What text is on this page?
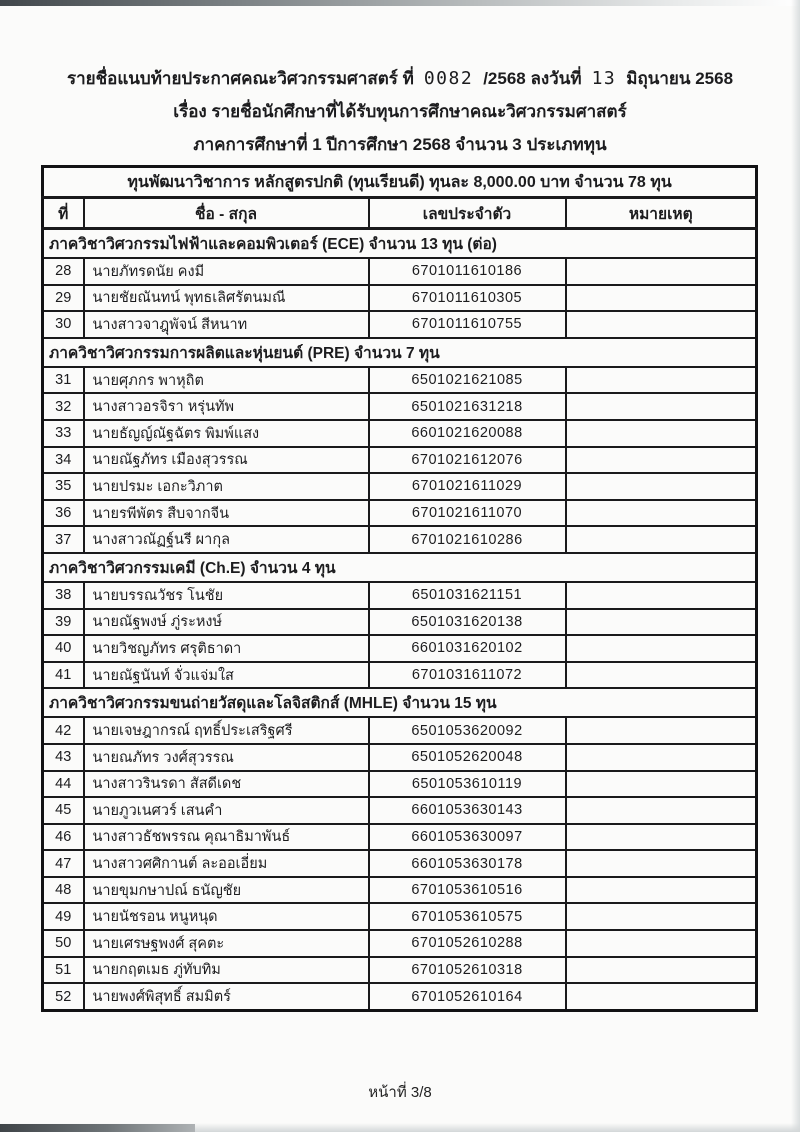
รายชื่อแนบท้ายประกาศคณะวิศวกรรมศาสตร์ ที่ 0082 /2568 ลงวันที่ 13 มิถุนายน 2568
เรื่อง รายชื่อนักศึกษาที่ได้รับทุนการศึกษาคณะวิศวกรรมศาสตร์
ภาคการศึกษาที่ 1 ปีการศึกษา 2568 จำนวน 3 ประเภททุน
ทุนพัฒนาวิชาการ หลักสูตรปกติ (ทุนเรียนดี) ทุนละ 8,000.00 บาท จำนวน 78 ทุน			
ที่	ชื่อ - สกุล	เลขประจำตัว	หมายเหตุ
ภาควิชาวิศวกรรมไฟฟ้าและคอมพิวเตอร์ (ECE) จำนวน 13 ทุน (ต่อ)			
28	นายภัทรดนัย คงมี	6701011610186	
29	นายชัยณันทน์ พุทธเลิศรัตนมณี	6701011610305	
30	นางสาวจาฎุพัจน์ สีหนาท	6701011610755	
ภาควิชาวิศวกรรมการผลิตและหุ่นยนต์ (PRE) จำนวน 7 ทุน			
31	นายศุภกร พาหุถิต	6501021621085	
32	นางสาวอรจิรา หรุ่นทัพ	6501021631218	
33	นายธัญญ์ณัฐฉัตร พิมพ์แสง	6601021620088	
34	นายณัฐภัทร เมืองสุวรรณ	6701021612076	
35	นายปรมะ เอกะวิภาต	6701021611029	
36	นายรพีพัตร สืบจากจีน	6701021611070	
37	นางสาวณัฏฐ์นรี ผากุล	6701021610286	
ภาควิชาวิศวกรรมเคมี (Ch.E) จำนวน 4 ทุน			
38	นายบรรณวัชร โนชัย	6501031621151	
39	นายณัฐพงษ์ ภู่ระหงษ์	6501031620138	
40	นายวิชญภัทร ศรุติธาดา	6601031620102	
41	นายณัฐนันท์ จั่วแจ่มใส	6701031611072	
ภาควิชาวิศวกรรมขนถ่ายวัสดุและโลจิสติกส์ (MHLE) จำนวน 15 ทุน			
42	นายเจษฎากรณ์ ฤทธิ์ประเสริฐศรี	6501053620092	
43	นายณภัทร วงศ์สุวรรณ	6501052620048	
44	นางสาวรินรดา สัสดีเดช	6501053610119	
45	นายภูวเนศวร์ เสนคำ	6601053630143	
46	นางสาวธัชพรรณ คุณาธิมาพันธ์	6601053630097	
47	นางสาวศศิกานต์ ละออเอี่ยม	6601053630178	
48	นายขุมกษาปณ์ ธนัญชัย	6701053610516	
49	นายนัชรอน หนูหนุด	6701053610575	
50	นายเศรษฐพงศ์ สุคตะ	6701052610288	
51	นายกฤตเมธ ภู่ทับทิม	6701052610318	
52	นายพงศ์พิสุทธิ์ สมมิตร์	6701052610164	
หน้าที่ 3/8
